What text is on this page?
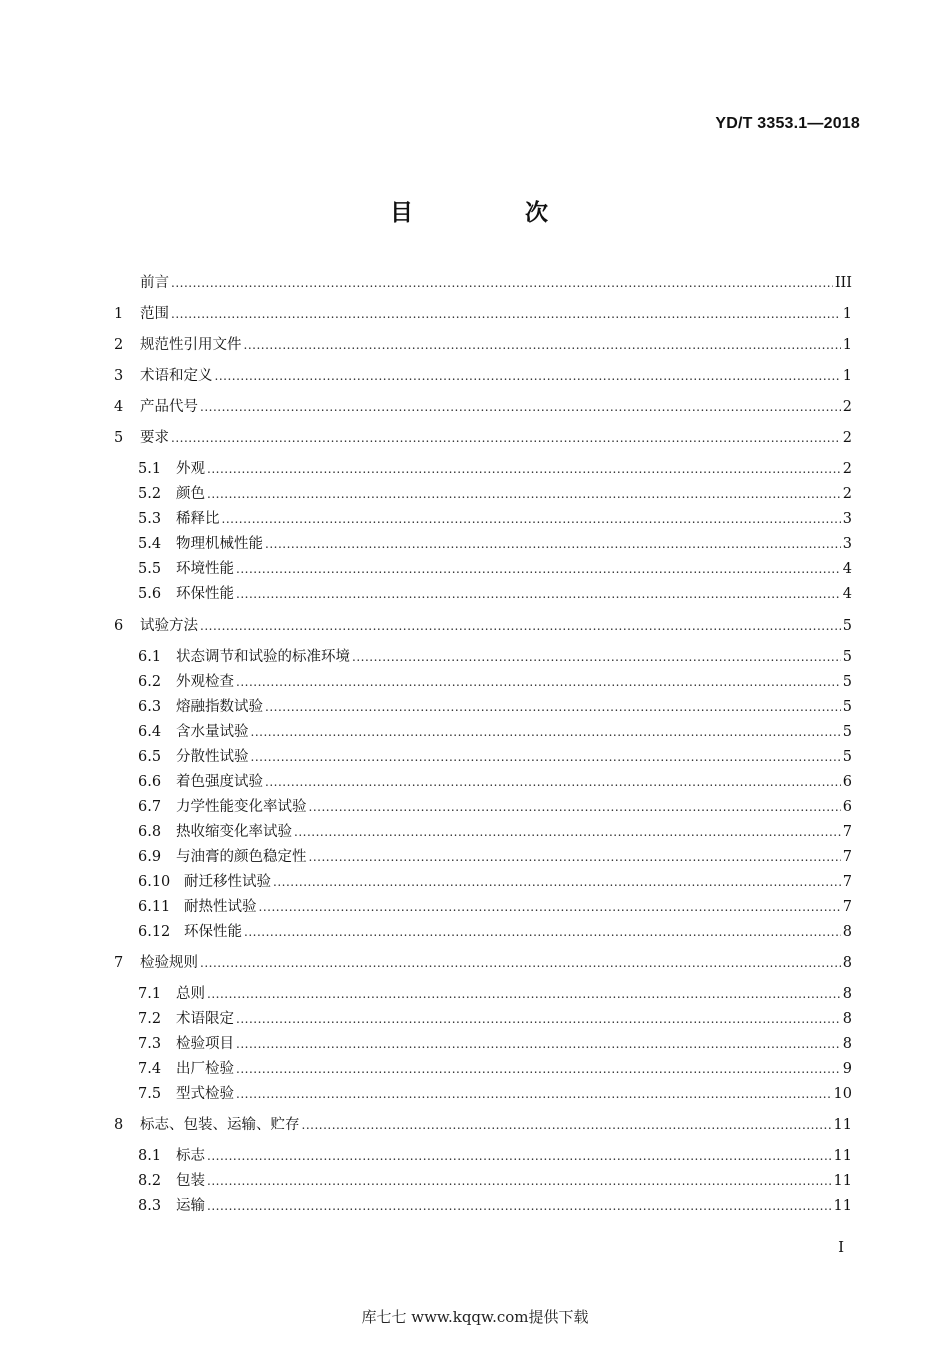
YD/T 3353.1—2018
目 次
前言 .....	III
1	范围 .....	1
2	规范性引用文件 .....	1
3	术语和定义 .....	1
4	产品代号 .....	2
5	要求 .....	2
5.1	外观 .....	2
5.2	颜色 .....	2
5.3	稀释比 .....	3
5.4	物理机械性能 .....	3
5.5	环境性能 .....	4
5.6	环保性能 .....	4
6	试验方法 .....	5
6.1	状态调节和试验的标准环境 .....	5
6.2	外观检查 .....	5
6.3	熔融指数试验 .....	5
6.4	含水量试验 .....	5
6.5	分散性试验 .....	5
6.6	着色强度试验 .....	6
6.7	力学性能变化率试验 .....	6
6.8	热收缩变化率试验 .....	7
6.9	与油膏的颜色稳定性 .....	7
6.10 耐迁移性试验 .....	7
6.11 耐热性试验 .....	7
6.12 环保性能 .....	8
7	检验规则 .....	8
7.1	总则 .....	8
7.2	术语限定 .....	8
7.3	检验项目 .....	8
7.4	出厂检验 .....	9
7.5	型式检验 .....	10
8	标志、包装、运输、贮存 .....	11
8.1	标志 .....	11
8.2	包装 .....	11
8.3	运输 .....	11
I
库七七 www.kqqw.com提供下载
